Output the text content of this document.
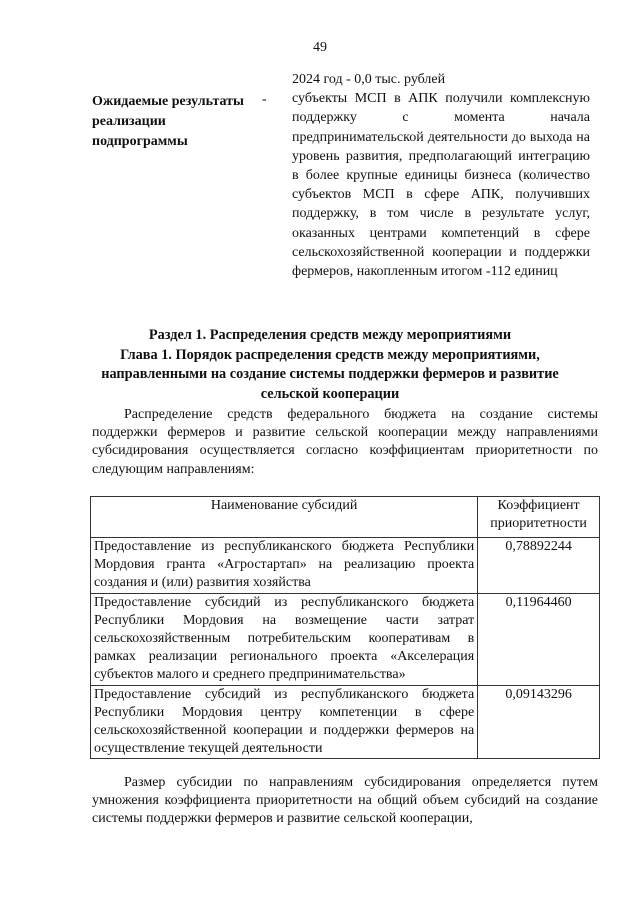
49
Ожидаемые результаты реализации подпрограммы
-

2024 год - 0,0 тыс. рублей

субъекты МСП в АПК получили комплексную поддержку с момента начала предпринимательской деятельности до выхода на уровень развития, предполагающий интеграцию в более крупные единицы бизнеса (количество субъектов МСП в сфере АПК, получивших поддержку, в том числе в результате услуг, оказанных центрами компетенций в сфере сельскохозяйственной кооперации и поддержки фермеров, накопленным итогом -112 единиц

Раздел 1. Распределения средств между мероприятиями
Глава 1. Порядок распределения средств между мероприятиями,
направленными на создание системы поддержки фермеров и развитие
сельской кооперации
Распределение средств федерального бюджета на создание системы поддержки фермеров и развитие сельской кооперации между направлениями субсидирования осуществляется согласно коэффициентам приоритетности по следующим направлениям:
Наименование субсидий	Коэффициент приоритетности
Предоставление из республиканского бюджета Республики Мордовия гранта «Агростартап» на реализацию проекта создания и (или) развития хозяйства	0,78892244
Предоставление субсидий из республиканского бюджета Республики Мордовия на возмещение части затрат сельскохозяйственным потребительским кооперативам в рамках реализации регионального проекта «Акселерация субъектов малого и среднего предпринимательства»	0,11964460
Предоставление субсидий из республиканского бюджета Республики Мордовия центру компетенции в сфере сельскохозяйственной кооперации и поддержки фермеров на осуществление текущей деятельности	0,09143296
Размер субсидии по направлениям субсидирования определяется путем умножения коэффициента приоритетности на общий объем субсидий на создание системы поддержки фермеров и развитие сельской кооперации,
